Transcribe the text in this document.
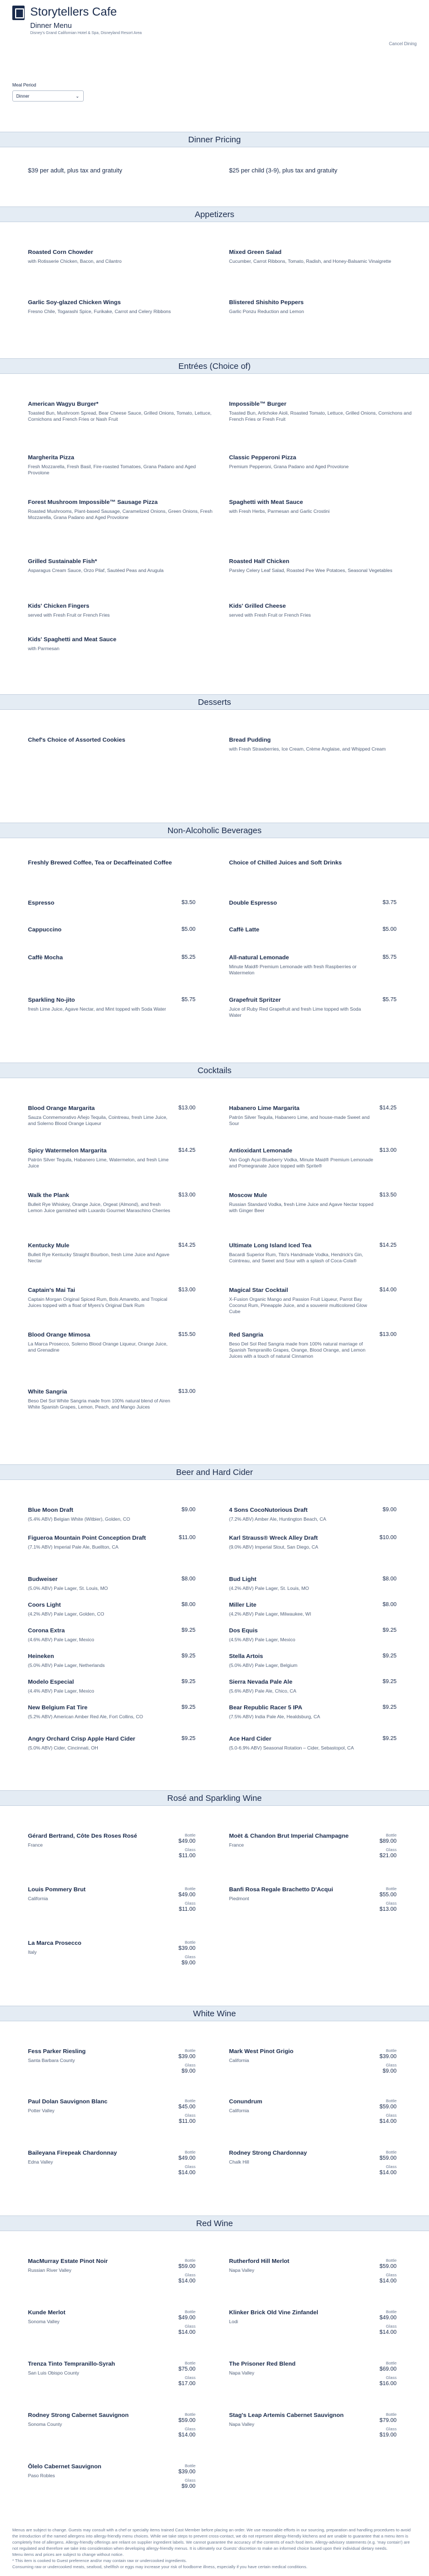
Storytellers Cafe
Dinner Menu
Disney's Grand Californian Hotel & Spa, Disneyland Resort Area
Cancel Dining
Meal Period
Dinner	⌄
Dinner Pricing
$39 per adult, plus tax and gratuity	$25 per child (3-9), plus tax and gratuity
Appetizers
Roasted Corn Chowder
with Rotisserie Chicken, Bacon, and Cilantro
Mixed Green Salad
Cucumber, Carrot Ribbons, Tomato, Radish, and Honey-Balsamic Vinaigrette
Garlic Soy-glazed Chicken Wings
Fresno Chile, Togarashi Spice, Furikake, Carrot and Celery Ribbons
Blistered Shishito Peppers
Garlic Ponzu Reduction and Lemon
Entrées (Choice of)
American Wagyu Burger*
Toasted Bun, Mushroom Spread, Bear Cheese Sauce, Grilled Onions, Tomato, Lettuce, Cornichons and French Fries or Nash Fruit
Impossible™ Burger
Toasted Bun, Artichoke Aioli, Roasted Tomato, Lettuce, Grilled Onions, Cornichons and French Fries or Fresh Fruit
Margherita Pizza
Fresh Mozzarella, Fresh Basil, Fire-roasted Tomatoes, Grana Padano and Aged Provolone
Classic Pepperoni Pizza
Premium Pepperoni, Grana Padano and Aged Provolone
Forest Mushroom Impossible™ Sausage Pizza
Roasted Mushrooms, Plant-based Sausage, Caramelized Onions, Green Onions, Fresh Mozzarella, Grana Padano and Aged Provolone
Spaghetti with Meat Sauce
with Fresh Herbs, Parmesan and Garlic Crostini
Grilled Sustainable Fish*
Asparagus Cream Sauce, Orzo Pilaf, Sautéed Peas and Arugula
Roasted Half Chicken
Parsley Celery Leaf Salad, Roasted Pee Wee Potatoes, Seasonal Vegetables
Kids' Chicken Fingers
served with Fresh Fruit or French Fries
Kids' Grilled Cheese
served with Fresh Fruit or French Fries
Kids' Spaghetti and Meat Sauce
with Parmesan
Desserts
Chef's Choice of Assorted Cookies	Bread Pudding
with Fresh Strawberries, Ice Cream, Crème Anglaise, and Whipped Cream
Non-Alcoholic Beverages
Freshly Brewed Coffee, Tea or Decaffeinated Coffee	Choice of Chilled Juices and Soft Drinks
Espresso	$3.50	Double Espresso	$3.75
Cappuccino	$5.00	Caffè Latte	$5.00
Caffè Mocha	$5.25	All-natural Lemonade	$5.75
Minute Maid® Premium Lemonade with fresh Raspberries or Watermelon
Sparkling No-jito	$5.75
fresh Lime Juice, Agave Nectar, and Mint topped with Soda Water
Grapefruit Spritzer	$5.75
Juice of Ruby Red Grapefruit and fresh Lime topped with Soda Water
Cocktails
Blood Orange Margarita	$13.00
Sauza Conmemorativo Añejo Tequila, Cointreau, fresh Lime Juice, and Solerno Blood Orange Liqueur
Habanero Lime Margarita	$14.25
Patrón Silver Tequila, Habanero Lime, and house-made Sweet and Sour
Spicy Watermelon Margarita	$14.25
Patrón Silver Tequila, Habanero Lime, Watermelon, and fresh Lime Juice
Antioxidant Lemonade	$13.00
Van Gogh Açaí-Blueberry Vodka, Minute Maid® Premium Lemonade and Pomegranate Juice topped with Sprite®
Walk the Plank	$13.00
Bulleit Rye Whiskey, Orange Juice, Orgeat (Almond), and fresh Lemon Juice garnished with Luxardo Gourmet Maraschino Cherries
Moscow Mule	$13.50
Russian Standard Vodka, fresh Lime Juice and Agave Nectar topped with Ginger Beer
Kentucky Mule	$14.25
Bulleit Rye Kentucky Straight Bourbon, fresh Lime Juice and Agave Nectar
Ultimate Long Island Iced Tea	$14.25
Bacardi Superior Rum, Tito's Handmade Vodka, Hendrick's Gin, Cointreau, and Sweet and Sour with a splash of Coca-Cola®
Captain's Mai Tai	$13.00
Captain Morgan Original Spiced Rum, Bols Amaretto, and Tropical Juices topped with a float of Myers's Original Dark Rum
Magical Star Cocktail	$14.00
X-Fusion Organic Mango and Passion Fruit Liqueur, Parrot Bay Coconut Rum, Pineapple Juice, and a souvenir multicolored Glow Cube
Blood Orange Mimosa	$15.50
La Marca Prosecco, Solerno Blood Orange Liqueur, Orange Juice, and Grenadine
Red Sangria	$13.00
Beso Del Sol Red Sangria made from 100% natural marriage of Spanish Tempranillo Grapes, Orange, Blood Orange, and Lemon Juices with a touch of natural Cinnamon
White Sangria	$13.00
Beso Del Sol White Sangria made from 100% natural blend of Airen White Spanish Grapes, Lemon, Peach, and Mango Juices
Beer and Hard Cider
Blue Moon Draft	$9.00
(5.4% ABV) Belgian White (Witbier), Golden, CO
4 Sons CocoNutorious Draft	$9.00
(7.2% ABV) Amber Ale, Huntington Beach, CA
Figueroa Mountain Point Conception Draft	$11.00
(7.1% ABV) Imperial Pale Ale, Buellton, CA
Karl Strauss® Wreck Alley Draft	$10.00
(9.0% ABV) Imperial Stout, San Diego, CA
Budweiser	$8.00
(5.0% ABV) Pale Lager, St. Louis, MO
Bud Light	$8.00
(4.2% ABV) Pale Lager, St. Louis, MO
Coors Light	$8.00
(4.2% ABV) Pale Lager, Golden, CO
Miller Lite	$8.00
(4.2% ABV) Pale Lager, Milwaukee, WI
Corona Extra	$9.25
(4.6% ABV) Pale Lager, Mexico
Dos Equis	$9.25
(4.5% ABV) Pale Lager, Mexico
Heineken	$9.25
(5.0% ABV) Pale Lager, Netherlands
Stella Artois	$9.25
(5.0% ABV) Pale Lager, Belgium
Modelo Especial	$9.25
(4.4% ABV) Pale Lager, Mexico
Sierra Nevada Pale Ale	$9.25
(5.6% ABV) Pale Ale, Chico, CA
New Belgium Fat Tire	$9.25
(5.2% ABV) American Amber Red Ale, Fort Collins, CO
Bear Republic Racer 5 IPA	$9.25
(7.5% ABV) India Pale Ale, Healdsburg, CA
Angry Orchard Crisp Apple Hard Cider	$9.25
(5.0% ABV) Cider, Cincinnati, OH
Ace Hard Cider	$9.25
(5.0-6.9% ABV) Seasonal Rotation – Cider, Sebastopol, CA
Rosé and Sparkling Wine
Gérard Bertrand, Côte Des Roses Rosé
France
Bottle
$49.00
Glass
$11.00
Moët & Chandon Brut Imperial Champagne
France
Bottle
$89.00
Glass
$21.00
Louis Pommery Brut
California
Bottle
$49.00
Glass
$11.00
Banfi Rosa Regale Brachetto D'Acqui
Piedmont
Bottle
$55.00
Glass
$13.00
La Marca Prosecco
Italy
Bottle
$39.00
Glass
$9.00
White Wine
Fess Parker Riesling
Santa Barbara County
Bottle
$39.00
Glass
$9.00
Mark West Pinot Grigio
California
Bottle
$39.00
Glass
$9.00
Paul Dolan Sauvignon Blanc
Potter Valley
Bottle
$45.00
Glass
$11.00
Conundrum
California
Bottle
$59.00
Glass
$14.00
Baileyana Firepeak Chardonnay
Edna Valley
Bottle
$49.00
Glass
$14.00
Rodney Strong Chardonnay
Chalk Hill
Bottle
$59.00
Glass
$14.00
Red Wine
MacMurray Estate Pinot Noir
Russian River Valley
Bottle
$59.00
Glass
$14.00
Rutherford Hill Merlot
Napa Valley
Bottle
$59.00
Glass
$14.00
Kunde Merlot
Sonoma Valley
Bottle
$49.00
Glass
$14.00
Klinker Brick Old Vine Zinfandel
Lodi
Bottle
$49.00
Glass
$14.00
Trenza Tinto Tempranillo-Syrah
San Luis Obispo County
Bottle
$75.00
Glass
$17.00
The Prisoner Red Blend
Napa Valley
Bottle
$69.00
Glass
$16.00
Rodney Strong Cabernet Sauvignon
Sonoma County
Bottle
$59.00
Glass
$14.00
Stag's Leap Artemis Cabernet Sauvignon
Napa Valley
Bottle
$79.00
Glass
$19.00
Ōlelo Cabernet Sauvignon
Paso Robles
Bottle
$39.00
Glass
$9.00
Menus are subject to change. Guests may consult with a chef or specialty items trained Cast Member before placing an order. We use reasonable efforts in our sourcing, preparation and handling procedures to avoid the introduction of the named allergens into allergy-friendly menu choices. While we take steps to prevent cross-contact, we do not represent allergy-friendly kitchens and are unable to guarantee that a menu item is completely free of allergens. Allergy-friendly offerings are reliant on supplier ingredient labels. We cannot guarantee the accuracy of the contents of each food item. Allergy-advisory statements (e.g. 'may contain') are not regulated and therefore we take into consideration when developing allergy-friendly menus. It is ultimately our Guests' discretion to make an informed choice based upon their individual dietary needs.
Menu items and prices are subject to change without notice.
* This item is cooked to Guest preference and/or may contain raw or undercooked ingredients.
Consuming raw or undercooked meats, seafood, shellfish or eggs may increase your risk of foodborne illness, especially if you have certain medical conditions.
